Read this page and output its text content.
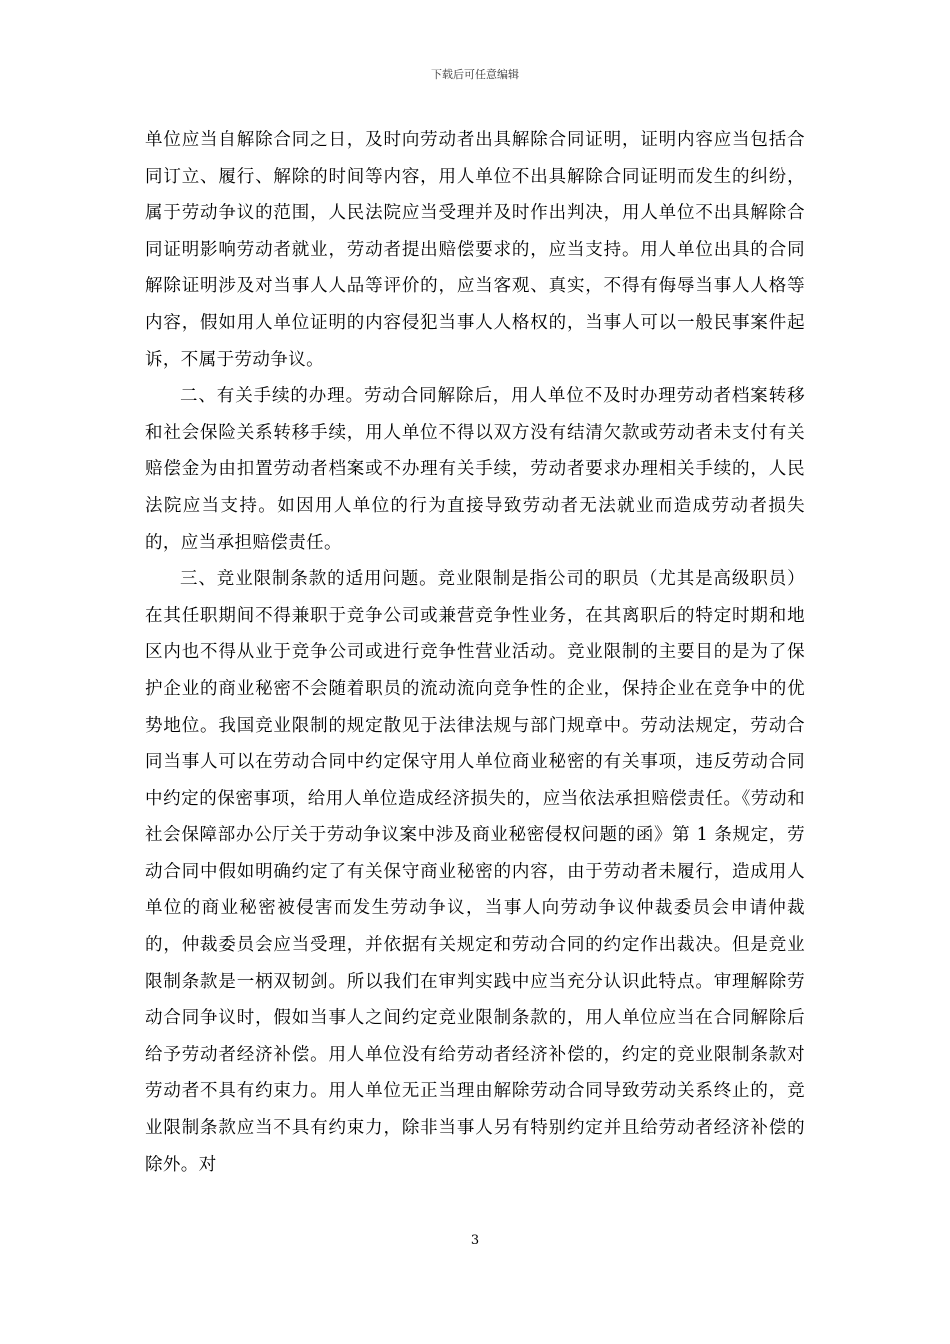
下载后可任意编辑

单位应当自解除合同之日，及时向劳动者出具解除合同证明，证明内容应当包括合同订立、履行、解除的时间等内容，用人单位不出具解除合同证明而发生的纠纷，属于劳动争议的范围，人民法院应当受理并及时作出判决，用人单位不出具解除合同证明影响劳动者就业，劳动者提出赔偿要求的，应当支持。用人单位出具的合同解除证明涉及对当事人人品等评价的，应当客观、真实，不得有侮辱当事人人格等内容，假如用人单位证明的内容侵犯当事人人格权的，当事人可以一般民事案件起诉，不属于劳动争议。

二、有关手续的办理。劳动合同解除后，用人单位不及时办理劳动者档案转移和社会保险关系转移手续，用人单位不得以双方没有结清欠款或劳动者未支付有关赔偿金为由扣置劳动者档案或不办理有关手续，劳动者要求办理相关手续的，人民法院应当支持。如因用人单位的行为直接导致劳动者无法就业而造成劳动者损失的，应当承担赔偿责任。

三、竞业限制条款的适用问题。竞业限制是指公司的职员（尤其是高级职员）在其任职期间不得兼职于竞争公司或兼营竞争性业务，在其离职后的特定时期和地区内也不得从业于竞争公司或进行竞争性营业活动。竞业限制的主要目的是为了保护企业的商业秘密不会随着职员的流动流向竞争性的企业，保持企业在竞争中的优势地位。我国竞业限制的规定散见于法律法规与部门规章中。劳动法规定，劳动合同当事人可以在劳动合同中约定保守用人单位商业秘密的有关事项，违反劳动合同中约定的保密事项，给用人单位造成经济损失的，应当依法承担赔偿责任。《劳动和社会保障部办公厅关于劳动争议案中涉及商业秘密侵权问题的函》第 1 条规定，劳动合同中假如明确约定了有关保守商业秘密的内容，由于劳动者未履行，造成用人单位的商业秘密被侵害而发生劳动争议，当事人向劳动争议仲裁委员会申请仲裁的，仲裁委员会应当受理，并依据有关规定和劳动合同的约定作出裁决。但是竞业限制条款是一柄双韧剑。所以我们在审判实践中应当充分认识此特点。审理解除劳动合同争议时，假如当事人之间约定竞业限制条款的，用人单位应当在合同解除后给予劳动者经济补偿。用人单位没有给劳动者经济补偿的，约定的竞业限制条款对劳动者不具有约束力。用人单位无正当理由解除劳动合同导致劳动关系终止的，竞业限制条款应当不具有约束力，除非当事人另有特别约定并且给劳动者经济补偿的除外。对

3
